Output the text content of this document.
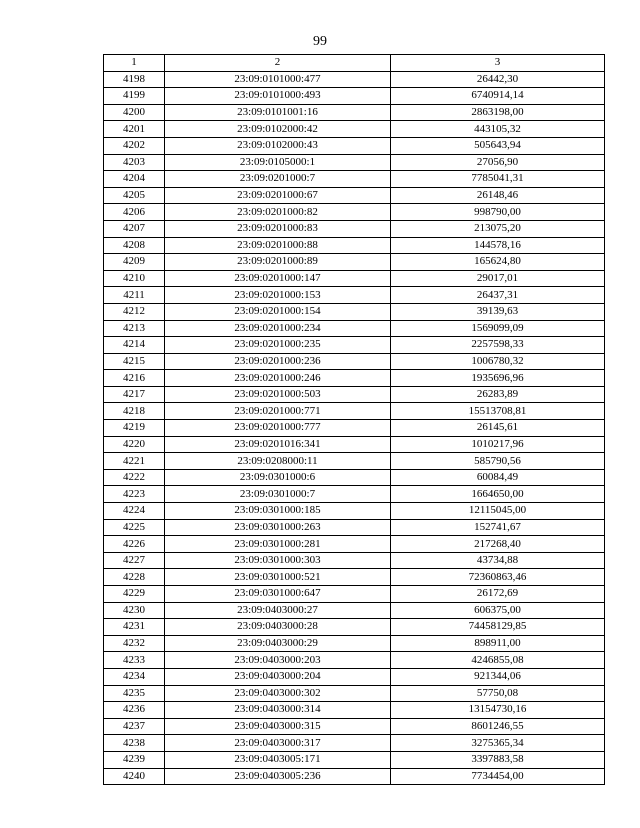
99
1	2	3
4198	23:09:0101000:477	26442,30
4199	23:09:0101000:493	6740914,14
4200	23:09:0101001:16	2863198,00
4201	23:09:0102000:42	443105,32
4202	23:09:0102000:43	505643,94
4203	23:09:0105000:1	27056,90
4204	23:09:0201000:7	7785041,31
4205	23:09:0201000:67	26148,46
4206	23:09:0201000:82	998790,00
4207	23:09:0201000:83	213075,20
4208	23:09:0201000:88	144578,16
4209	23:09:0201000:89	165624,80
4210	23:09:0201000:147	29017,01
4211	23:09:0201000:153	26437,31
4212	23:09:0201000:154	39139,63
4213	23:09:0201000:234	1569099,09
4214	23:09:0201000:235	2257598,33
4215	23:09:0201000:236	1006780,32
4216	23:09:0201000:246	1935696,96
4217	23:09:0201000:503	26283,89
4218	23:09:0201000:771	15513708,81
4219	23:09:0201000:777	26145,61
4220	23:09:0201016:341	1010217,96
4221	23:09:0208000:11	585790,56
4222	23:09:0301000:6	60084,49
4223	23:09:0301000:7	1664650,00
4224	23:09:0301000:185	12115045,00
4225	23:09:0301000:263	152741,67
4226	23:09:0301000:281	217268,40
4227	23:09:0301000:303	43734,88
4228	23:09:0301000:521	72360863,46
4229	23:09:0301000:647	26172,69
4230	23:09:0403000:27	606375,00
4231	23:09:0403000:28	74458129,85
4232	23:09:0403000:29	898911,00
4233	23:09:0403000:203	4246855,08
4234	23:09:0403000:204	921344,06
4235	23:09:0403000:302	57750,08
4236	23:09:0403000:314	13154730,16
4237	23:09:0403000:315	8601246,55
4238	23:09:0403000:317	3275365,34
4239	23:09:0403005:171	3397883,58
4240	23:09:0403005:236	7734454,00
